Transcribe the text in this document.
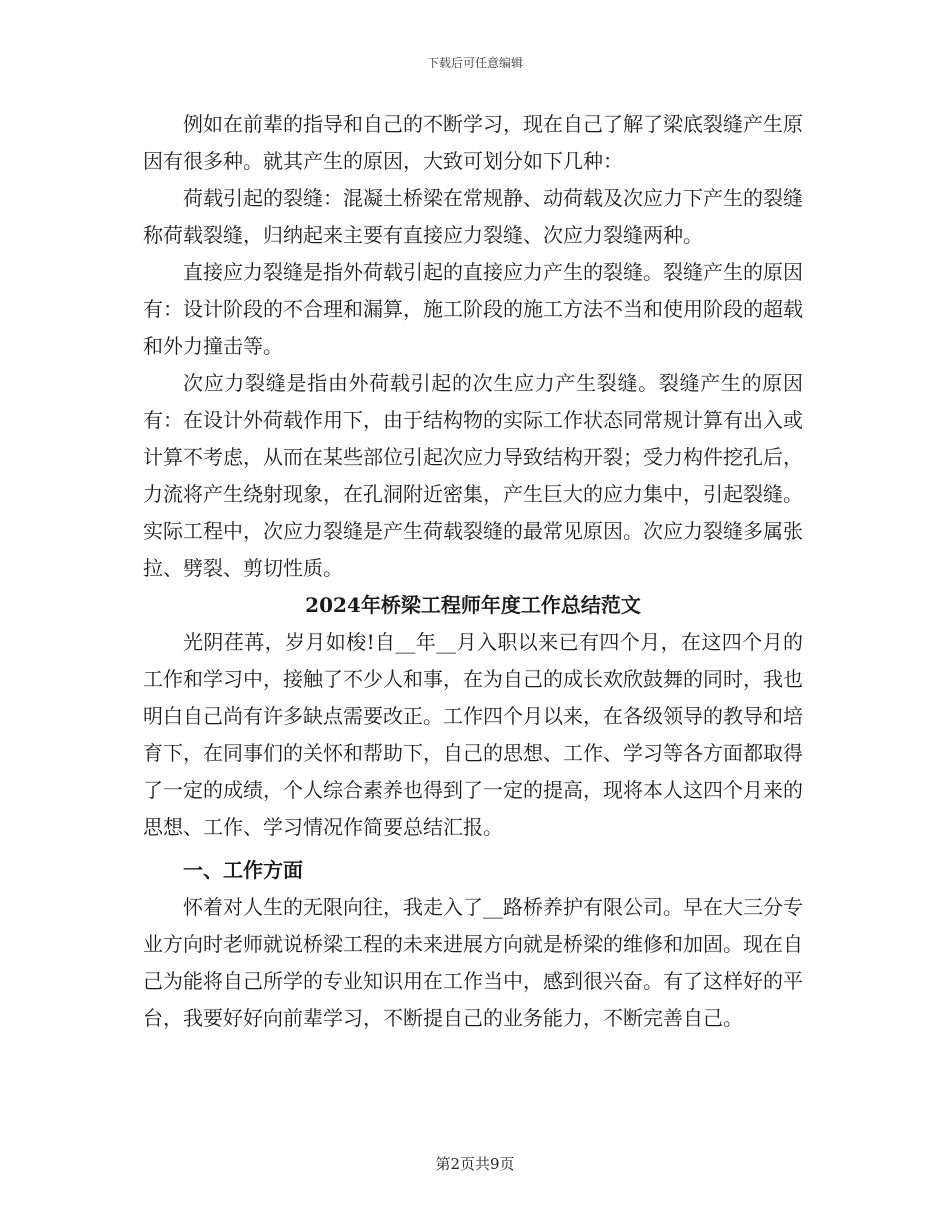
下载后可任意编辑

例如在前辈的指导和自己的不断学习，现在自己了解了梁底裂缝产生原因有很多种。就其产生的原因，大致可划分如下几种：

荷载引起的裂缝：混凝土桥梁在常规静、动荷载及次应力下产生的裂缝称荷载裂缝，归纳起来主要有直接应力裂缝、次应力裂缝两种。

直接应力裂缝是指外荷载引起的直接应力产生的裂缝。裂缝产生的原因有：设计阶段的不合理和漏算，施工阶段的施工方法不当和使用阶段的超载和外力撞击等。

次应力裂缝是指由外荷载引起的次生应力产生裂缝。裂缝产生的原因有：在设计外荷载作用下，由于结构物的实际工作状态同常规计算有出入或计算不考虑，从而在某些部位引起次应力导致结构开裂；受力构件挖孔后，力流将产生绕射现象，在孔洞附近密集，产生巨大的应力集中，引起裂缝。实际工程中，次应力裂缝是产生荷载裂缝的最常见原因。次应力裂缝多属张拉、劈裂、剪切性质。

2024年桥梁工程师年度工作总结范文

光阴荏苒，岁月如梭!自__年__月入职以来已有四个月，在这四个月的工作和学习中，接触了不少人和事，在为自己的成长欢欣鼓舞的同时，我也明白自己尚有许多缺点需要改正。工作四个月以来，在各级领导的教导和培育下，在同事们的关怀和帮助下，自己的思想、工作、学习等各方面都取得了一定的成绩，个人综合素养也得到了一定的提高，现将本人这四个月来的思想、工作、学习情况作简要总结汇报。

一、工作方面

怀着对人生的无限向往，我走入了__路桥养护有限公司。早在大三分专业方向时老师就说桥梁工程的未来进展方向就是桥梁的维修和加固。现在自己为能将自己所学的专业知识用在工作当中，感到很兴奋。有了这样好的平台，我要好好向前辈学习，不断提自己的业务能力，不断完善自己。

第2页共9页
